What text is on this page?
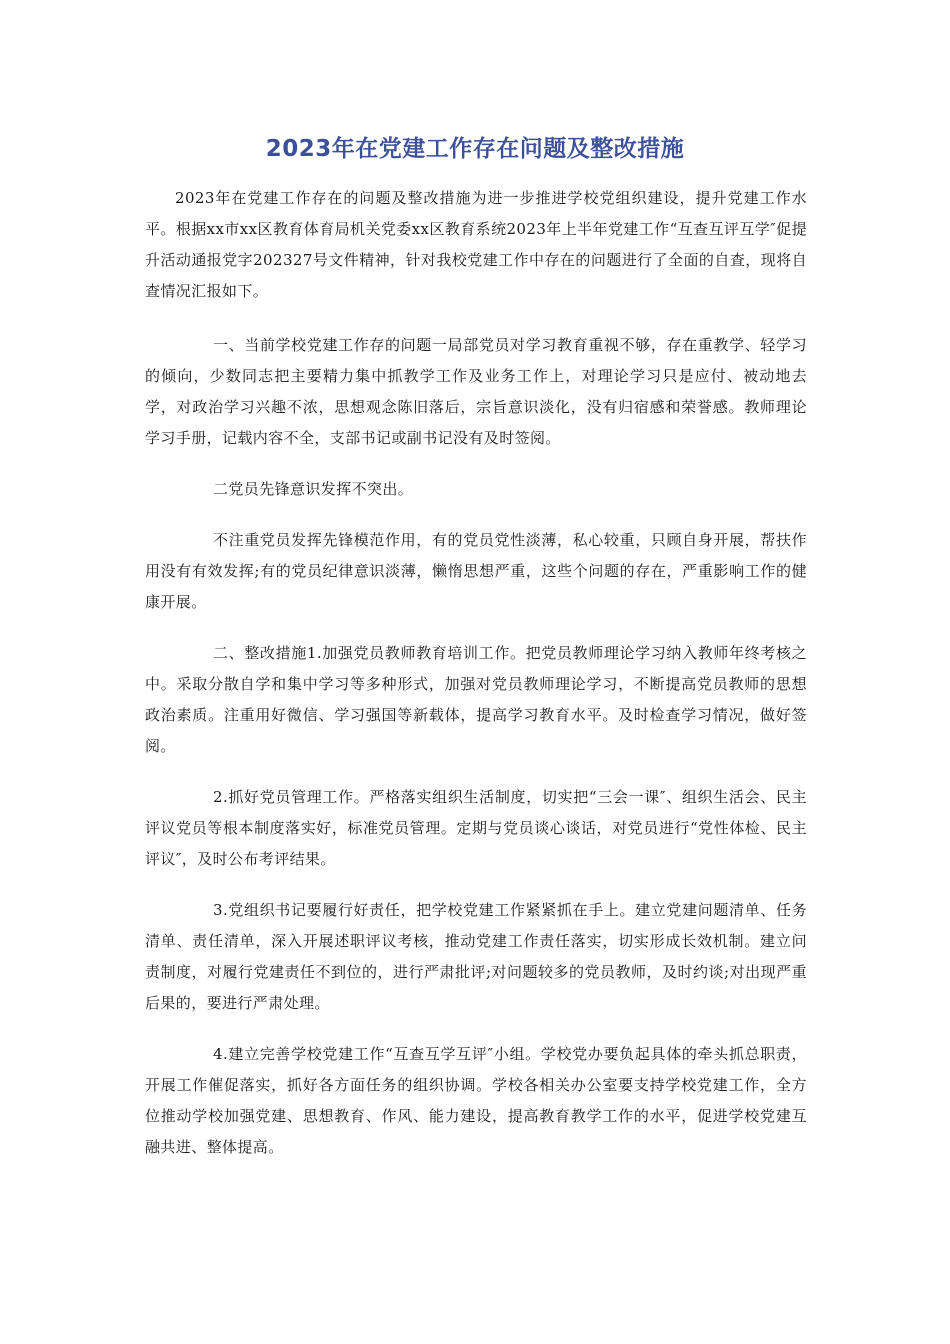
2023年在党建工作存在问题及整改措施

2023年在党建工作存在的问题及整改措施为进一步推进学校党组织建设，提升党建工作水平。根据xx市xx区教育体育局机关党委xx区教育系统2023年上半年党建工作“互查互评互学″促提升活动通报党字202327号文件精神，针对我校党建工作中存在的问题进行了全面的自查，现将自查情况汇报如下。

一、当前学校党建工作存的问题一局部党员对学习教育重视不够，存在重教学、轻学习的倾向，少数同志把主要精力集中抓教学工作及业务工作上，对理论学习只是应付、被动地去学，对政治学习兴趣不浓，思想观念陈旧落后，宗旨意识淡化，没有归宿感和荣誉感。教师理论学习手册，记载内容不全，支部书记或副书记没有及时签阅。

二党员先锋意识发挥不突出。

不注重党员发挥先锋模范作用，有的党员党性淡薄，私心较重，只顾自身开展，帮扶作用没有有效发挥;有的党员纪律意识淡薄，懒惰思想严重，这些个问题的存在，严重影响工作的健康开展。

二、整改措施1.加强党员教师教育培训工作。把党员教师理论学习纳入教师年终考核之中。采取分散自学和集中学习等多种形式，加强对党员教师理论学习，不断提高党员教师的思想政治素质。注重用好微信、学习强国等新载体，提高学习教育水平。及时检查学习情况，做好签阅。

2.抓好党员管理工作。严格落实组织生活制度，切实把“三会一课″、组织生活会、民主评议党员等根本制度落实好，标准党员管理。定期与党员谈心谈话，对党员进行“党性体检、民主评议″，及时公布考评结果。

3.党组织书记要履行好责任，把学校党建工作紧紧抓在手上。建立党建问题清单、任务清单、责任清单，深入开展述职评议考核，推动党建工作责任落实，切实形成长效机制。建立问责制度，对履行党建责任不到位的，进行严肃批评;对问题较多的党员教师，及时约谈;对出现严重后果的，要进行严肃处理。

4.建立完善学校党建工作“互查互学互评″小组。学校党办要负起具体的牵头抓总职责，开展工作催促落实，抓好各方面任务的组织协调。学校各相关办公室要支持学校党建工作，全方位推动学校加强党建、思想教育、作风、能力建设，提高教育教学工作的水平，促进学校党建互融共进、整体提高。
